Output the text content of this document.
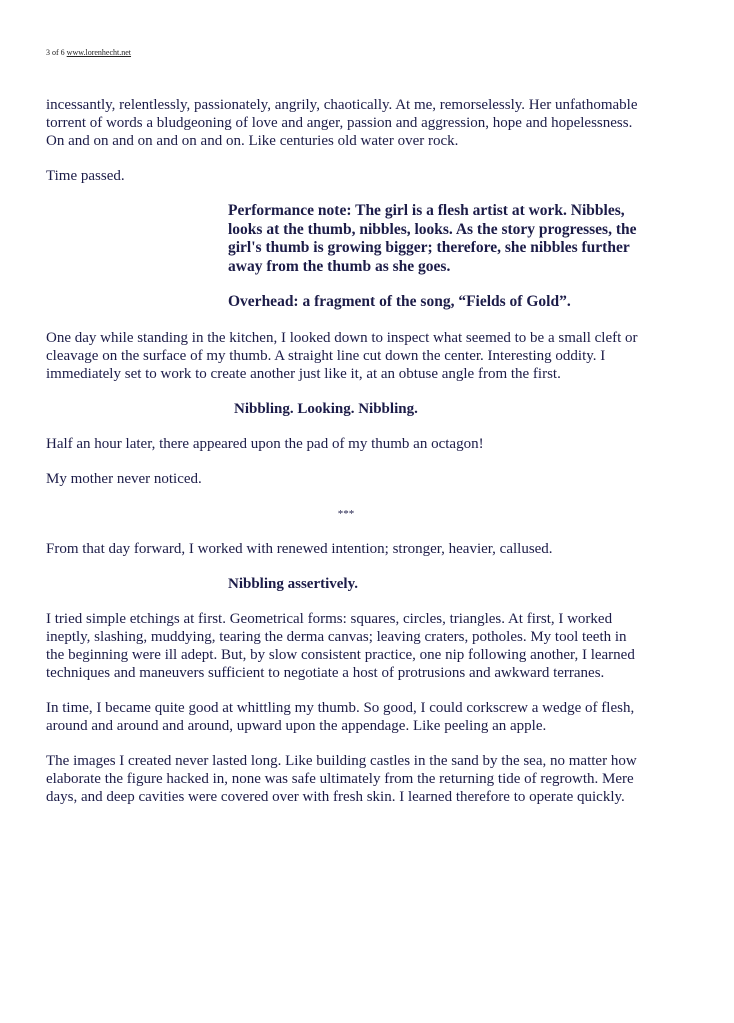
3 of 6 www.lorenhecht.net

incessantly, relentlessly, passionately, angrily, chaotically. At me, remorselessly. Her unfathomable torrent of words a bludgeoning of love and anger, passion and aggression, hope and hopelessness. On and on and on and on and on. Like centuries old water over rock.

Time passed.

Performance note: The girl is a flesh artist at work. Nibbles, looks at the thumb, nibbles, looks. As the story progresses, the girl's thumb is growing bigger; therefore, she nibbles further away from the thumb as she goes.
Overhead: a fragment of the song, “Fields of Gold”.

One day while standing in the kitchen, I looked down to inspect what seemed to be a small cleft or cleavage on the surface of my thumb. A straight line cut down the center. Interesting oddity. I immediately set to work to create another just like it, at an obtuse angle from the first.

Nibbling. Looking. Nibbling.

Half an hour later, there appeared upon the pad of my thumb an octagon!

My mother never noticed.

***

From that day forward, I worked with renewed intention; stronger, heavier, callused.

Nibbling assertively.

I tried simple etchings at first. Geometrical forms: squares, circles, triangles. At first, I worked ineptly, slashing, muddying, tearing the derma canvas; leaving craters, potholes. My tool teeth in the beginning were ill adept. But, by slow consistent practice, one nip following another, I learned techniques and maneuvers sufficient to negotiate a host of protrusions and awkward terranes.

In time, I became quite good at whittling my thumb. So good, I could corkscrew a wedge of flesh, around and around and around, upward upon the appendage. Like peeling an apple.

The images I created never lasted long. Like building castles in the sand by the sea, no matter how elaborate the figure hacked in, none was safe ultimately from the returning tide of regrowth. Mere days, and deep cavities were covered over with fresh skin. I learned therefore to operate quickly.
